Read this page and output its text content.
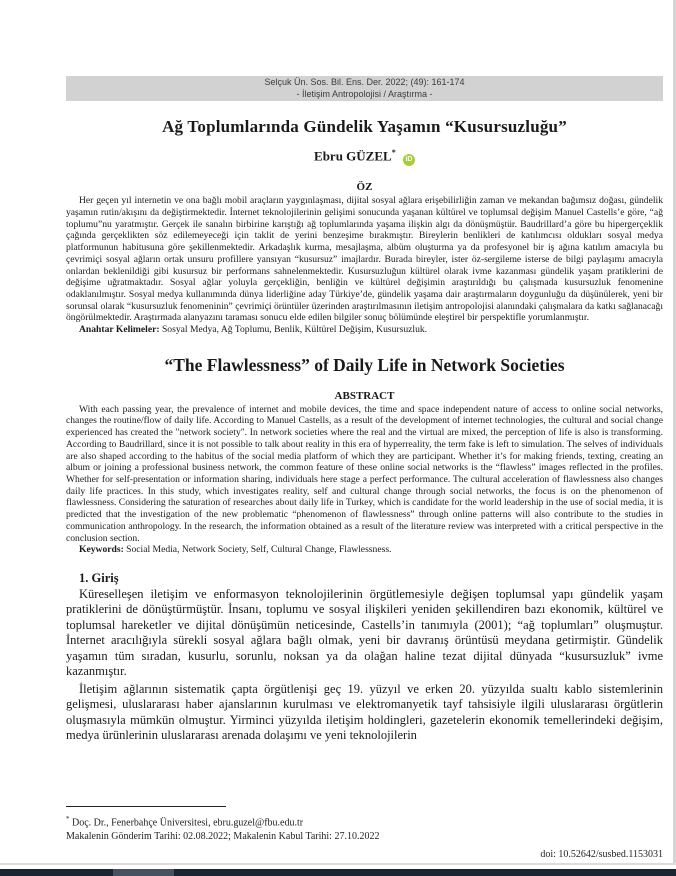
Selçuk Ün. Sos. Bil. Ens. Der. 2022; (49): 161-174
- İletişim Antropolojisi / Araştırma -
Ağ Toplumlarında Gündelik Yaşamın “Kusursuzluğu”
Ebru GÜZEL* iD
ÖZ
Her geçen yıl internetin ve ona bağlı mobil araçların yaygınlaşması, dijital sosyal ağlara erişebilirliğin zaman ve mekandan bağımsız doğası, gündelik yaşamın rutin/akışını da değiştirmektedir. İnternet teknolojilerinin gelişimi sonucunda yaşanan kültürel ve toplumsal değişim Manuel Castells’e göre, “ağ toplumu”nu yaratmıştır. Gerçek ile sanalın birbirine karıştığı ağ toplumlarında yaşama ilişkin algı da dönüşmüştür. Baudrillard’a göre bu hipergerçeklik çağında gerçeklikten söz edilemeyeceği için taklit de yerini benzeşime bırakmıştır. Bireylerin benlikleri de katılımcısı oldukları sosyal medya platformunun habitusuna göre şekillenmektedir. Arkadaşlık kurma, mesajlaşma, albüm oluşturma ya da profesyonel bir iş ağına katılım amacıyla bu çevrimiçi sosyal ağların ortak unsuru profillere yansıyan “kusursuz” imajlardır. Burada bireyler, ister öz-sergileme isterse de bilgi paylaşımı amacıyla onlardan beklenildiği gibi kusursuz bir performans sahnelenmektedir. Kusursuzluğun kültürel olarak ivme kazanması gündelik yaşam pratiklerini de değişime uğratmaktadır. Sosyal ağlar yoluyla gerçekliğin, benliğin ve kültürel değişimin araştırıldığı bu çalışmada kusursuzluk fenomenine odaklanılmıştır. Sosyal medya kullanımında dünya liderliğine aday Türkiye’de, gündelik yaşama dair araştırmaların doygunluğu da düşünülerek, yeni bir sorunsal olarak “kusursuzluk fenomeninin” çevrimiçi örüntüler üzerinden araştırılmasının iletişim antropolojisi alanındaki çalışmalara da katkı sağlanacağı öngörülmektedir. Araştırmada alanyazını taraması sonucu elde edilen bilgiler sonuç bölümünde eleştirel bir perspektifle yorumlanmıştır.
Anahtar Kelimeler: Sosyal Medya, Ağ Toplumu, Benlik, Kültürel Değişim, Kusursuzluk.
“The Flawlessness” of Daily Life in Network Societies
ABSTRACT
With each passing year, the prevalence of internet and mobile devices, the time and space independent nature of access to online social networks, changes the routine/flow of daily life. According to Manuel Castells, as a result of the development of internet technologies, the cultural and social change experienced has created the "network society". In network societies where the real and the virtual are mixed, the perception of life is also is transforming. According to Baudrillard, since it is not possible to talk about reality in this era of hyperreality, the term fake is left to simulation. The selves of individuals are also shaped according to the habitus of the social media platform of which they are participant. Whether it’s for making friends, texting, creating an album or joining a professional business network, the common feature of these online social networks is the “flawless” images reflected in the profiles. Whether for self-presentation or information sharing, individuals here stage a perfect performance. The cultural acceleration of flawlessness also changes daily life practices. In this study, which investigates reality, self and cultural change through social networks, the focus is on the phenomenon of flawlessness. Considering the saturation of researches about daily life in Turkey, which is candidate for the world leadership in the use of social media, it is predicted that the investigation of the new problematic “phenomenon of flawlessness” through online patterns will also contribute to the studies in communication anthropology. In the research, the information obtained as a result of the literature review was interpreted with a critical perspective in the conclusion section.
Keywords: Social Media, Network Society, Self, Cultural Change, Flawlessness.
1. Giriş
Küreselleşen iletişim ve enformasyon teknolojilerinin örgütlemesiyle değişen toplumsal yapı gündelik yaşam pratiklerini de dönüştürmüştür. İnsanı, toplumu ve sosyal ilişkileri yeniden şekillendiren bazı ekonomik, kültürel ve toplumsal hareketler ve dijital dönüşümün neticesinde, Castells’in tanımıyla (2001); “ağ toplumları” oluşmuştur. İnternet aracılığıyla sürekli sosyal ağlara bağlı olmak, yeni bir davranış örüntüsü meydana getirmiştir. Gündelik yaşamın tüm sıradan, kusurlu, sorunlu, noksan ya da olağan haline tezat dijital dünyada “kusursuzluk” ivme kazanmıştır.
İletişim ağlarının sistematik çapta örgütlenişi geç 19. yüzyıl ve erken 20. yüzyılda sualtı kablo sistemlerinin gelişmesi, uluslararası haber ajanslarının kurulması ve elektromanyetik tayf tahsisiyle ilgili uluslararası örgütlerin oluşmasıyla mümkün olmuştur. Yirminci yüzyılda iletişim holdingleri, gazetelerin ekonomik temellerindeki değişim, medya ürünlerinin uluslararası arenada dolaşımı ve yeni teknolojilerin
* Doç. Dr., Fenerbahçe Üniversitesi, ebru.guzel@fbu.edu.tr
Makalenin Gönderim Tarihi: 02.08.2022; Makalenin Kabul Tarihi: 27.10.2022
doi: 10.52642/susbed.1153031
